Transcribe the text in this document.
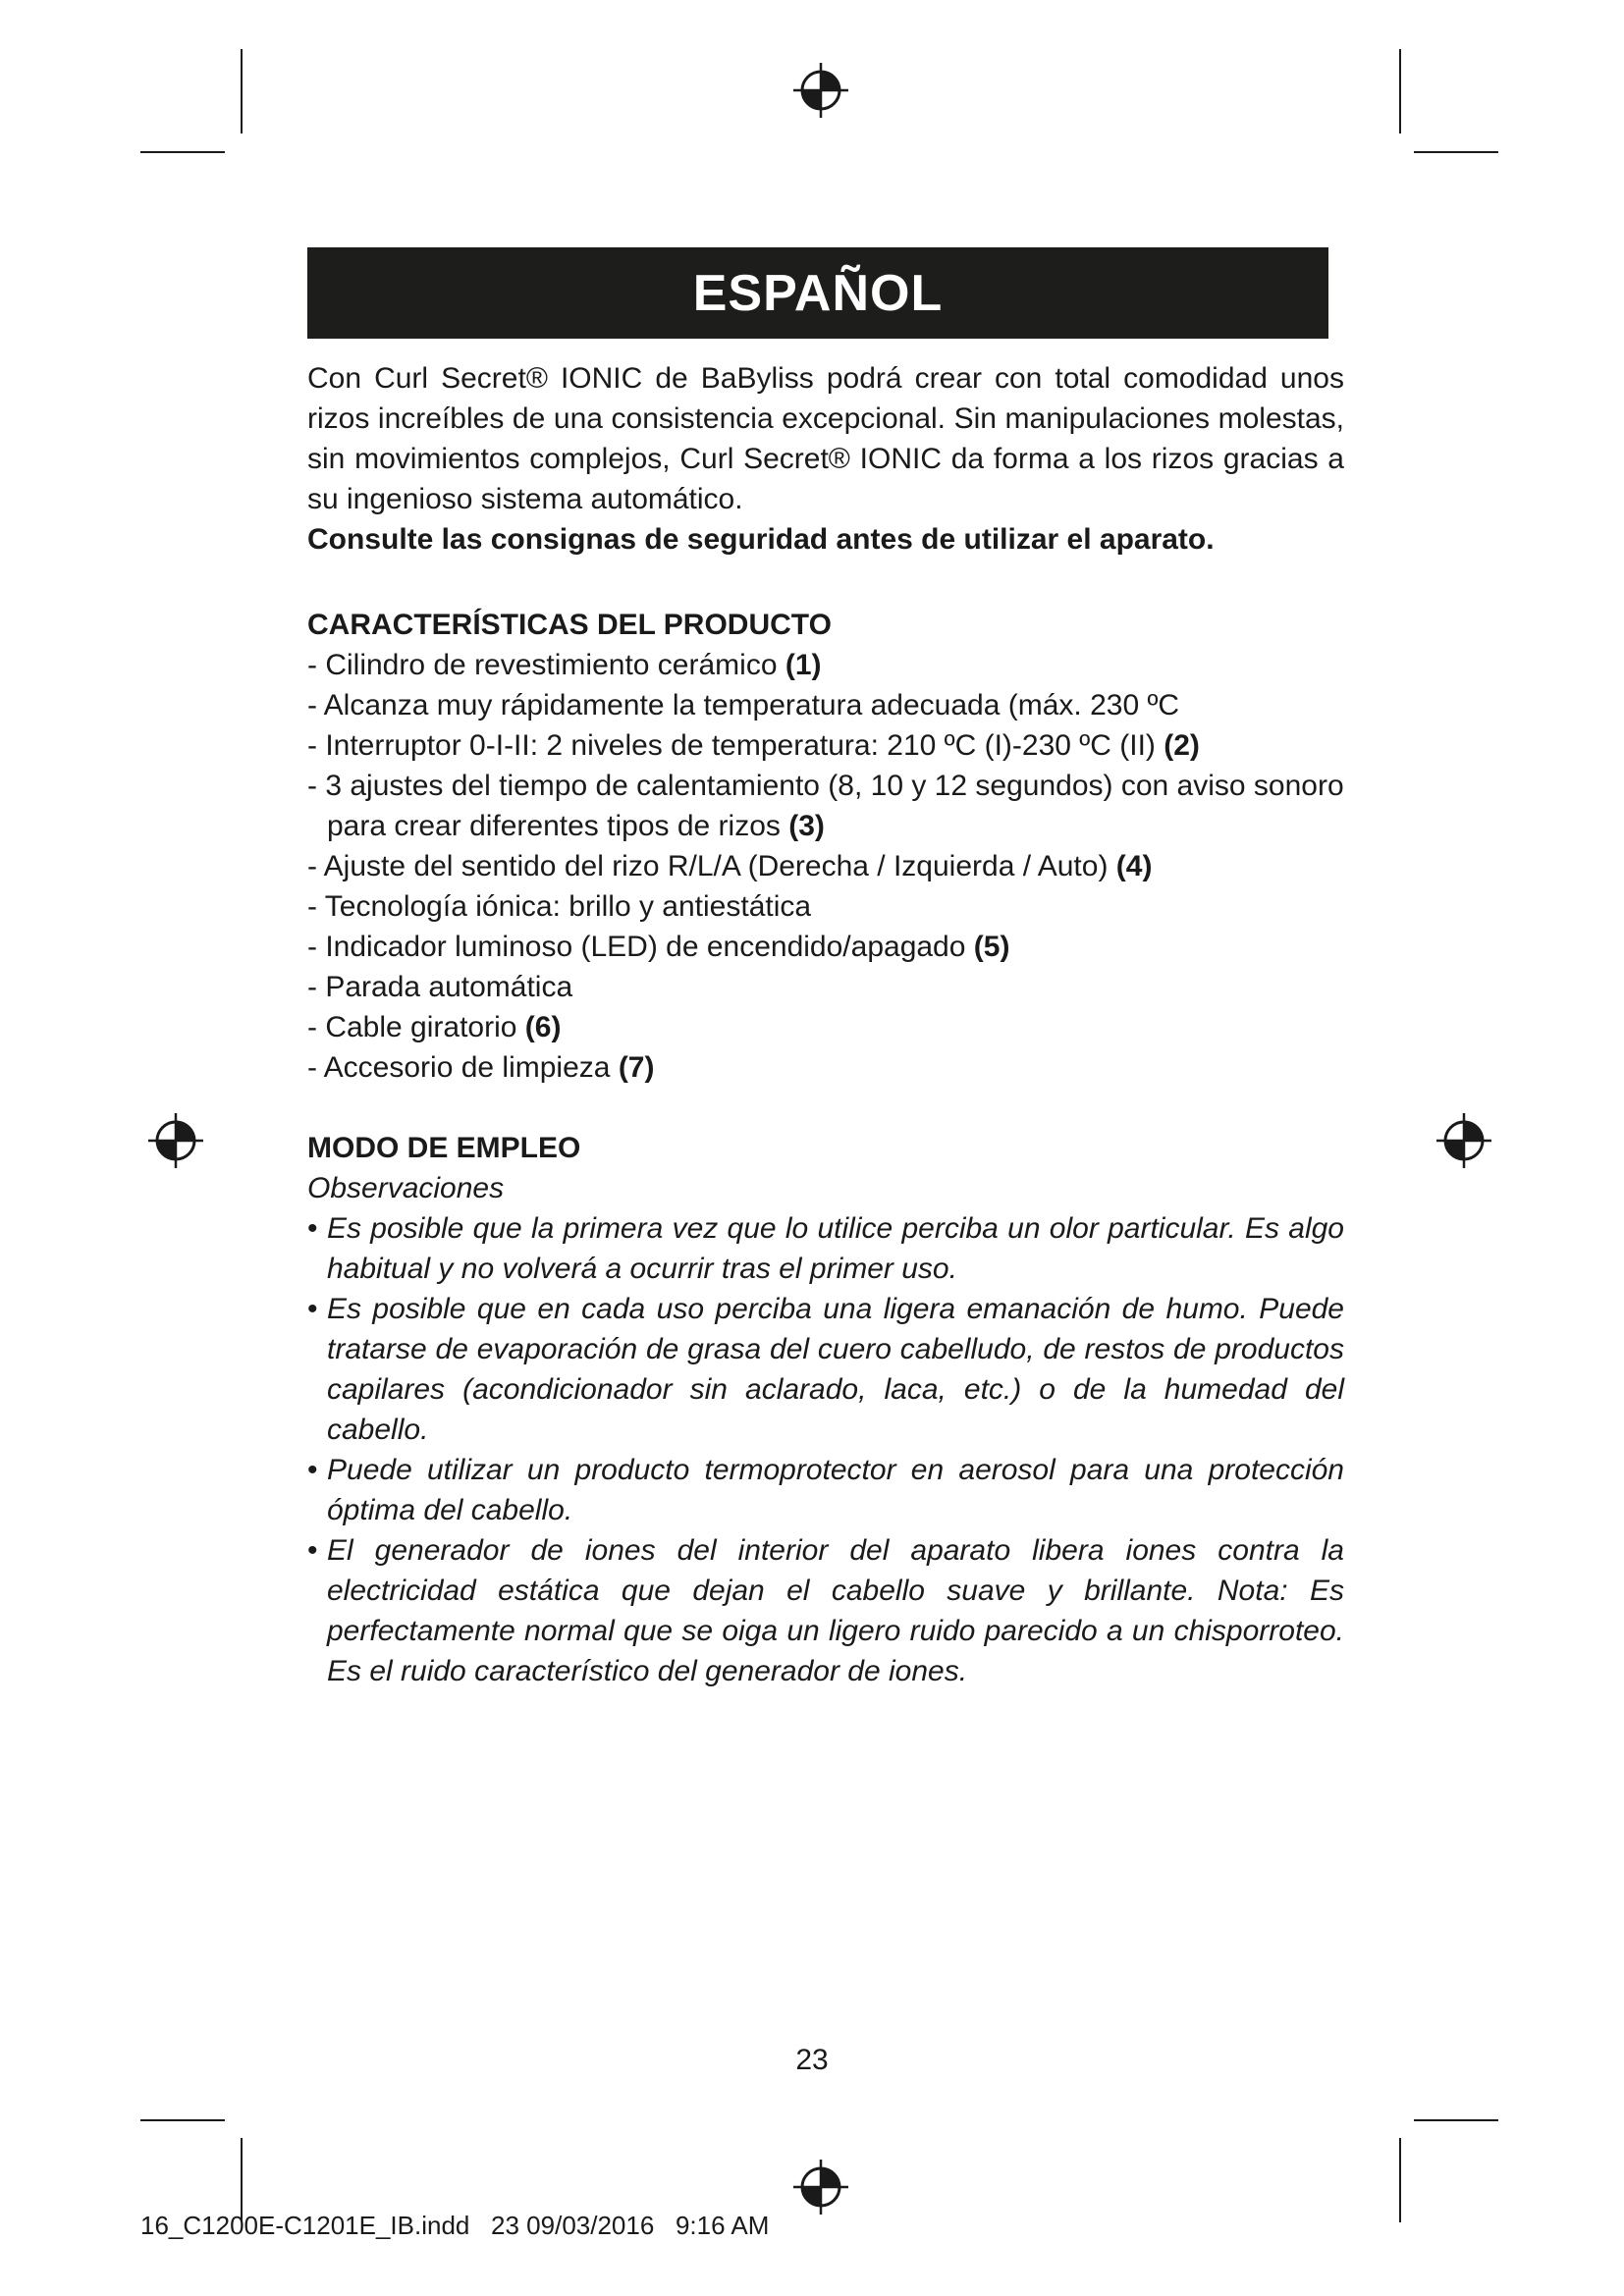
ESPAÑOL

Con Curl Secret® IONIC de BaByliss podrá crear con total comodidad unos rizos increíbles de una consistencia excepcional. Sin manipulaciones molestas, sin movimientos complejos, Curl Secret® IONIC da forma a los rizos gracias a su ingenioso sistema automático.

Consulte las consignas de seguridad antes de utilizar el aparato.

CARACTERÍSTICAS DEL PRODUCTO
- Cilindro de revestimiento cerámico (1)
- Alcanza muy rápidamente la temperatura adecuada (máx. 230 ºC
- Interruptor 0-I-II: 2 niveles de temperatura: 210 ºC (I)-230 ºC (II) (2)
- 3 ajustes del tiempo de calentamiento (8, 10 y 12 segundos) con aviso sonoro para crear diferentes tipos de rizos (3)
- Ajuste del sentido del rizo R/L/A (Derecha / Izquierda / Auto) (4)
- Tecnología iónica: brillo y antiestática
- Indicador luminoso (LED) de encendido/apagado (5)
- Parada automática
- Cable giratorio (6)
- Accesorio de limpieza (7)
MODO DE EMPLEO

Observaciones

• Es posible que la primera vez que lo utilice perciba un olor particular. Es algo habitual y no volverá a ocurrir tras el primer uso.
• Es posible que en cada uso perciba una ligera emanación de humo. Puede tratarse de evaporación de grasa del cuero cabelludo, de restos de productos capilares (acondicionador sin aclarado, laca, etc.) o de la humedad del cabello.
• Puede utilizar un producto termoprotector en aerosol para una protección óptima del cabello.
• El generador de iones del interior del aparato libera iones contra la electricidad estática que dejan el cabello suave y brillante. Nota: Es perfectamente normal que se oiga un ligero ruido parecido a un chisporroteo. Es el ruido característico del generador de iones.
23
16_C1200E-C1201E_IB.indd   23 09/03/2016   9:16 AM
